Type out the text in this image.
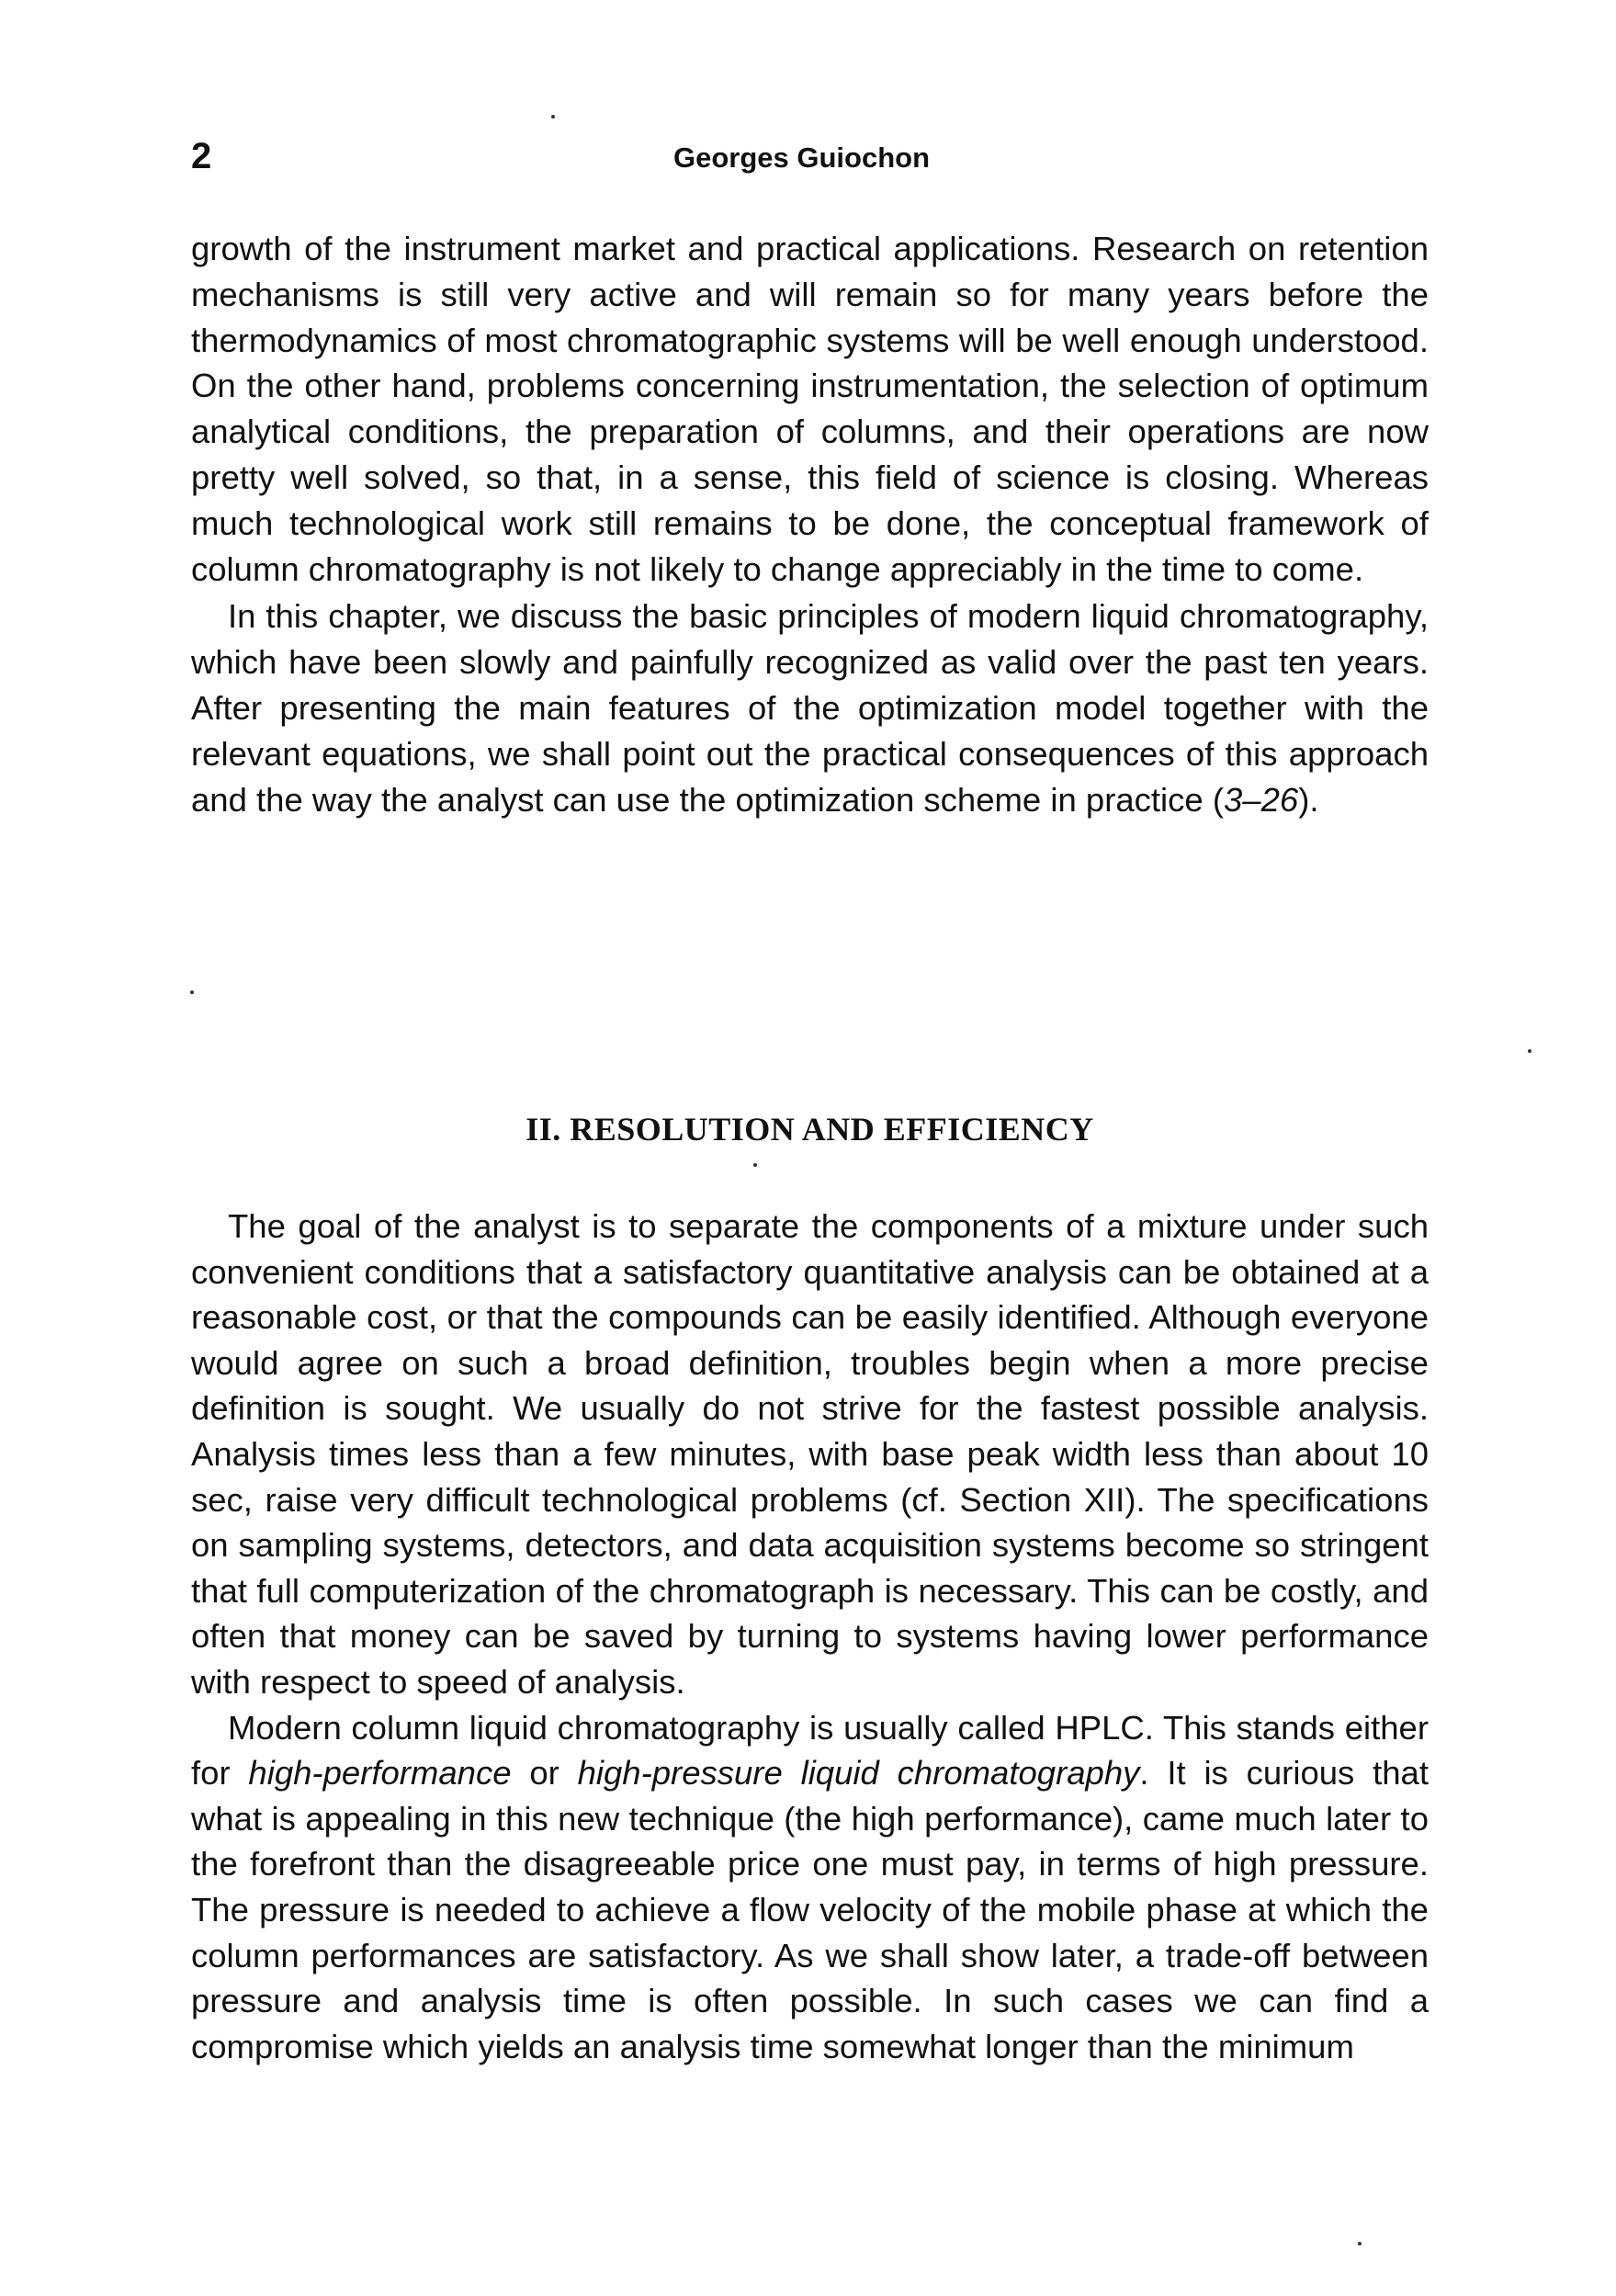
2	Georges Guiochon

growth of the instrument market and practical applications. Research on retention mechanisms is still very active and will remain so for many years before the thermodynamics of most chromatographic systems will be well enough understood. On the other hand, problems concerning instrumentation, the selection of optimum analytical conditions, the preparation of columns, and their operations are now pretty well solved, so that, in a sense, this field of science is closing. Whereas much technological work still remains to be done, the conceptual framework of column chromatography is not likely to change appreciably in the time to come.

In this chapter, we discuss the basic principles of modern liquid chromatography, which have been slowly and painfully recognized as valid over the past ten years. After presenting the main features of the optimization model together with the relevant equations, we shall point out the practical consequences of this approach and the way the analyst can use the optimization scheme in practice (3–26).

II. RESOLUTION AND EFFICIENCY

The goal of the analyst is to separate the components of a mixture under such convenient conditions that a satisfactory quantitative analysis can be obtained at a reasonable cost, or that the compounds can be easily identified. Although everyone would agree on such a broad definition, troubles begin when a more precise definition is sought. We usually do not strive for the fastest possible analysis. Analysis times less than a few minutes, with base peak width less than about 10 sec, raise very difficult technological problems (cf. Section XII). The specifications on sampling systems, detectors, and data acquisition systems become so stringent that full computerization of the chromatograph is necessary. This can be costly, and often that money can be saved by turning to systems having lower performance with respect to speed of analysis.

Modern column liquid chromatography is usually called HPLC. This stands either for high-performance or high-pressure liquid chromatography. It is curious that what is appealing in this new technique (the high performance), came much later to the forefront than the disagreeable price one must pay, in terms of high pressure. The pressure is needed to achieve a flow velocity of the mobile phase at which the column performances are satisfactory. As we shall show later, a trade-off between pressure and analysis time is often possible. In such cases we can find a compromise which yields an analysis time somewhat longer than the minimum
